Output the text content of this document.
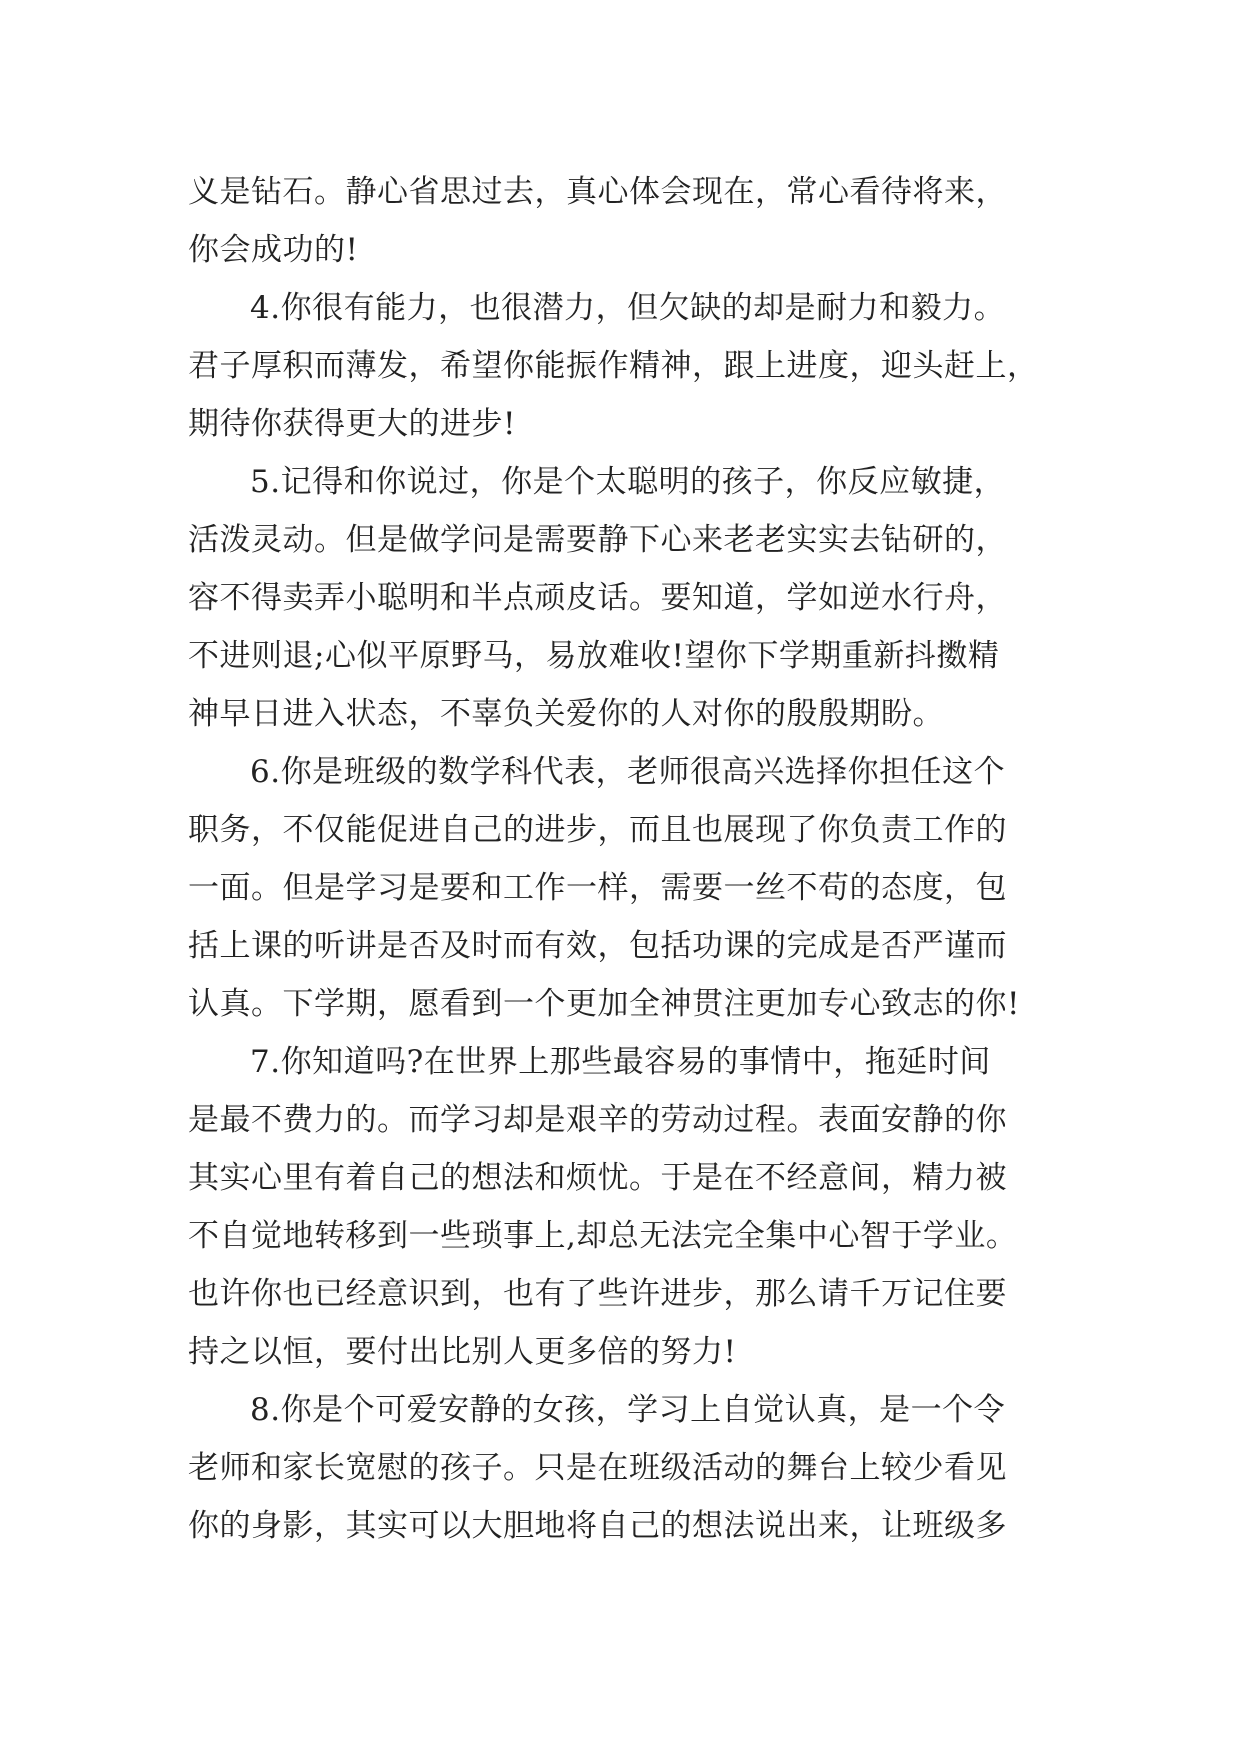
义是钻石。静心省思过去，真心体会现在，常心看待将来，
你会成功的!
4.你很有能力，也很潜力，但欠缺的却是耐力和毅力。
君子厚积而薄发，希望你能振作精神，跟上进度，迎头赶上，
期待你获得更大的进步!
5.记得和你说过，你是个太聪明的孩子，你反应敏捷，
活泼灵动。但是做学问是需要静下心来老老实实去钻研的，
容不得卖弄小聪明和半点顽皮话。要知道，学如逆水行舟，
不进则退;心似平原野马，易放难收!望你下学期重新抖擞精
神早日进入状态，不辜负关爱你的人对你的殷殷期盼。
6.你是班级的数学科代表，老师很高兴选择你担任这个
职务，不仅能促进自己的进步，而且也展现了你负责工作的
一面。但是学习是要和工作一样，需要一丝不苟的态度，包
括上课的听讲是否及时而有效，包括功课的完成是否严谨而
认真。下学期，愿看到一个更加全神贯注更加专心致志的你!
7.你知道吗?在世界上那些最容易的事情中，拖延时间
是最不费力的。而学习却是艰辛的劳动过程。表面安静的你
其实心里有着自己的想法和烦忧。于是在不经意间，精力被
不自觉地转移到一些琐事上,却总无法完全集中心智于学业。
也许你也已经意识到，也有了些许进步，那么请千万记住要
持之以恒，要付出比别人更多倍的努力!
8.你是个可爱安静的女孩，学习上自觉认真，是一个令
老师和家长宽慰的孩子。只是在班级活动的舞台上较少看见
你的身影，其实可以大胆地将自己的想法说出来，让班级多
